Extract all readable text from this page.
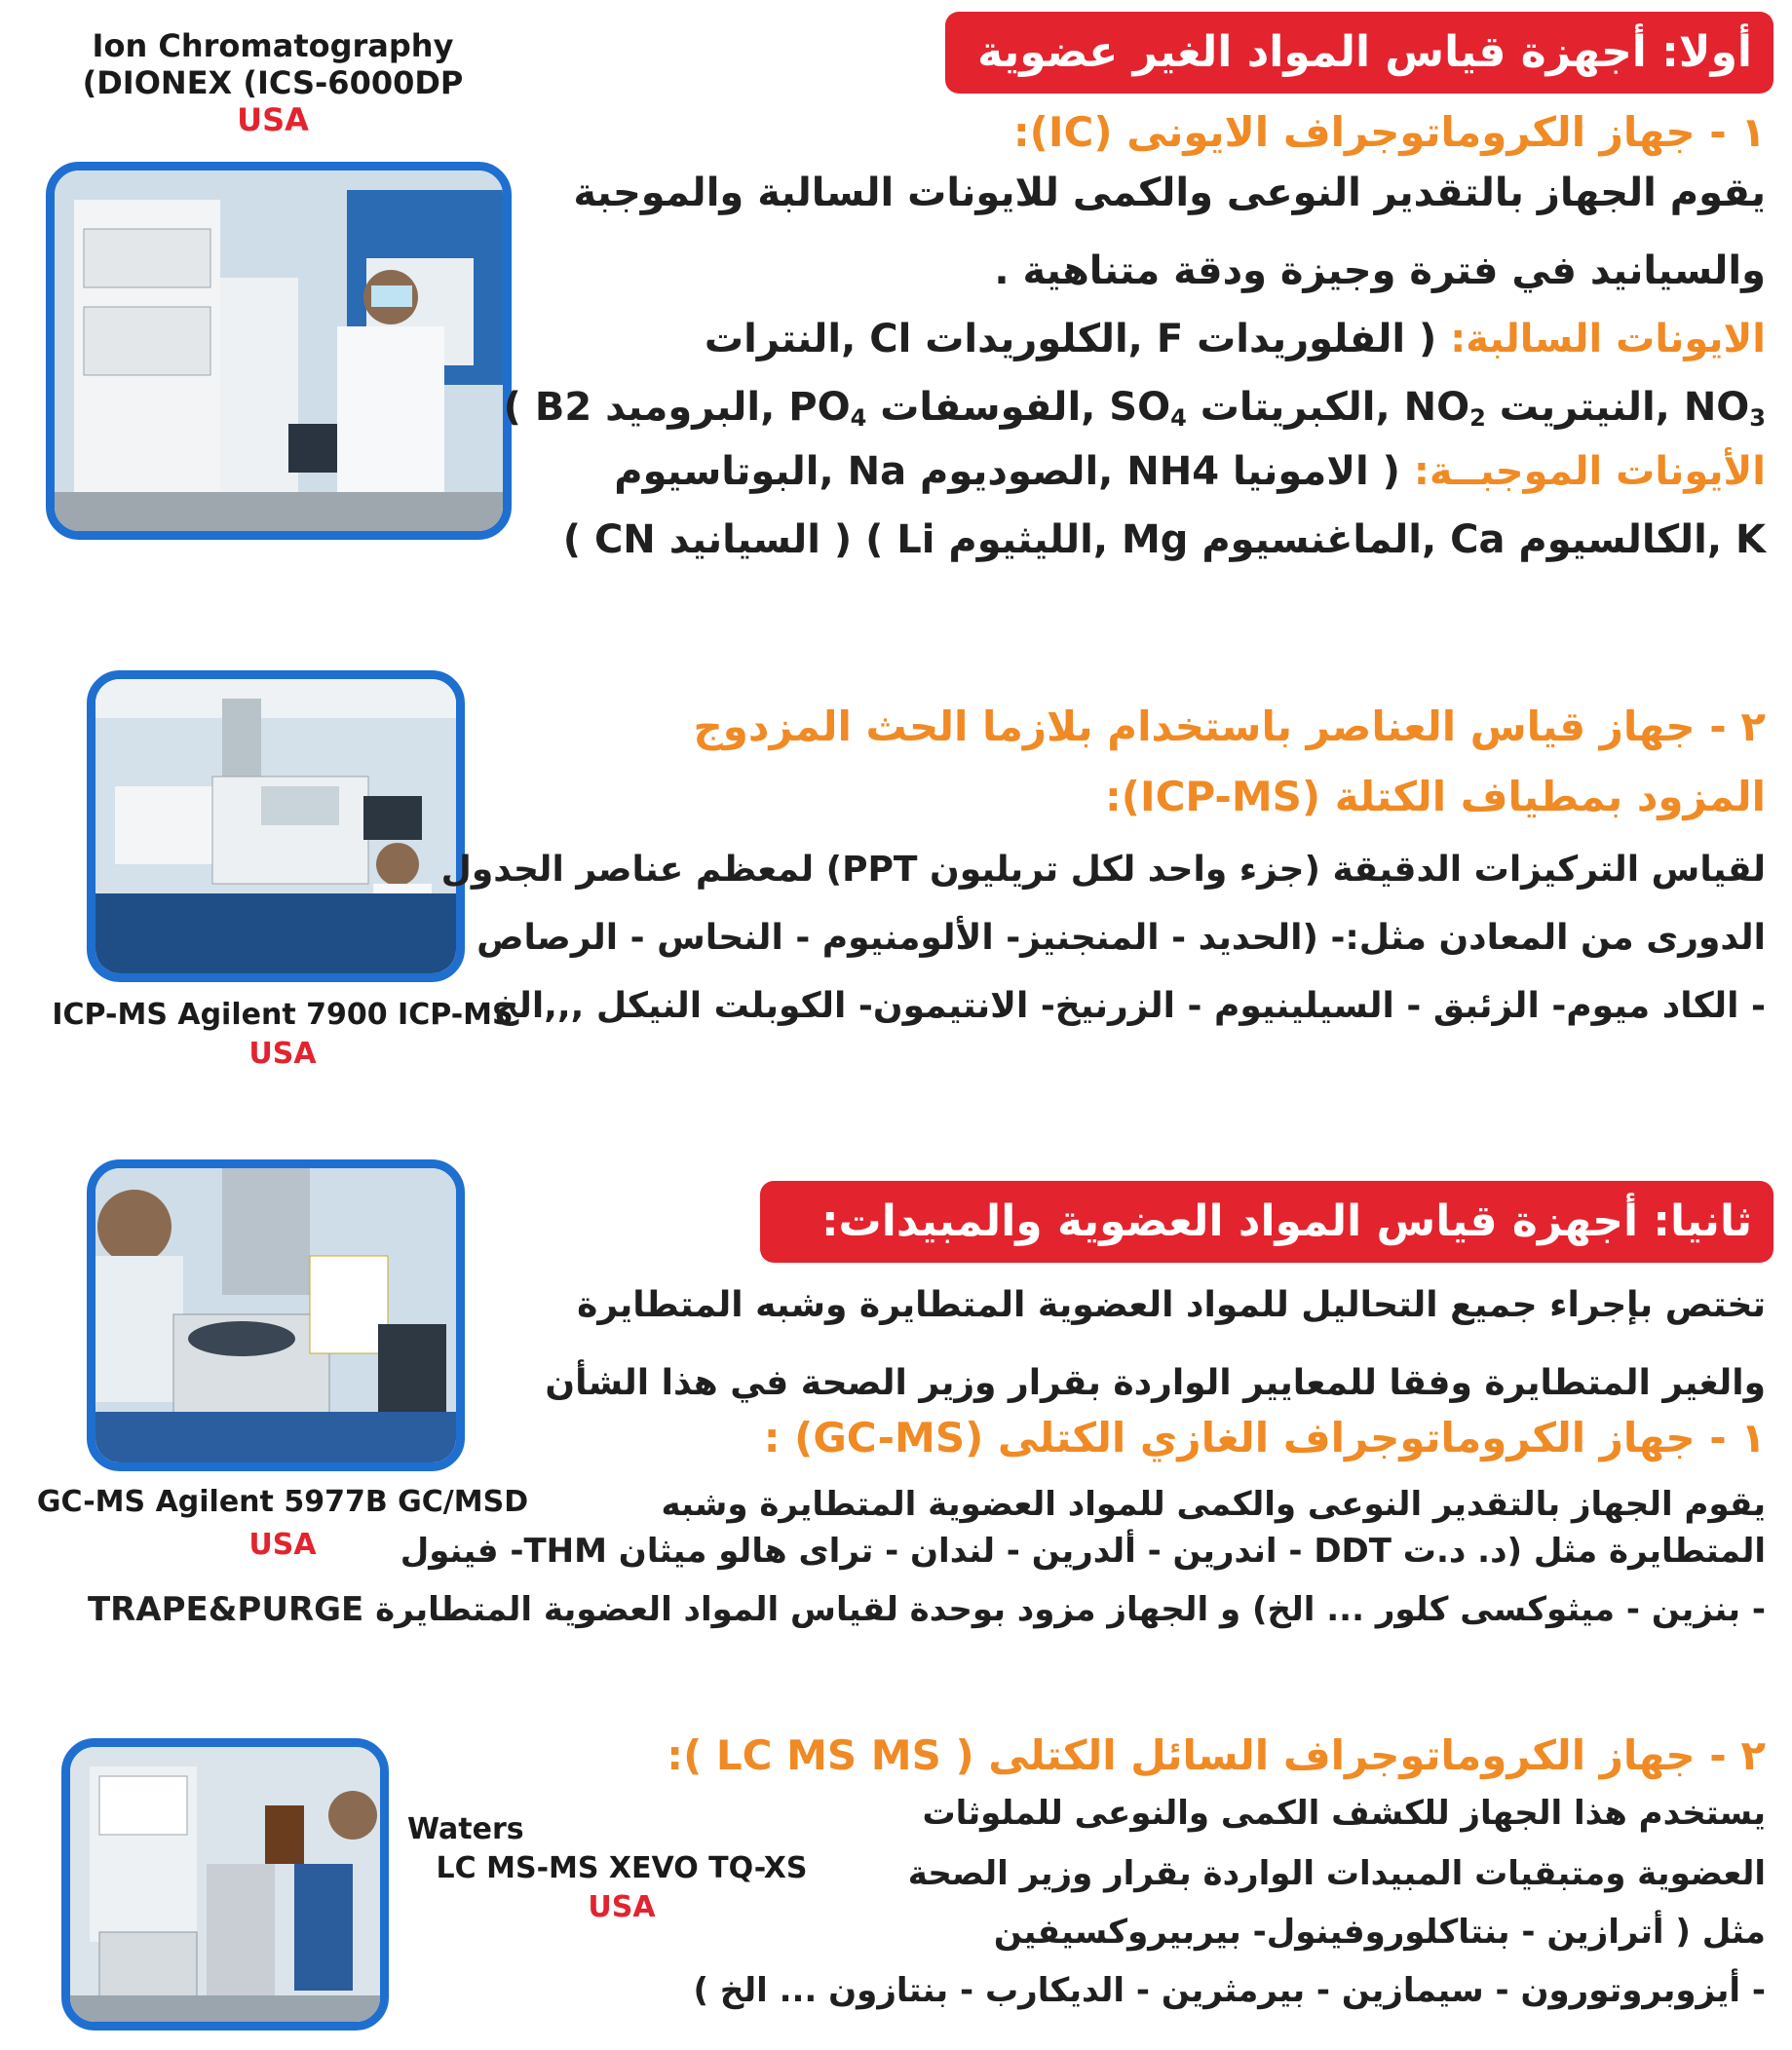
أولا: أجهزة قياس المواد الغير عضوية
Ion Chromatography
(DIONEX (ICS-6000DP
USA	١ - جهاز الكروماتوجراف الايونى (IC):
يقوم الجهاز بالتقدير النوعى والكمى للايونات السالبة والموجبة
والسيانيد في فترة وجيزة ودقة متناهية .
الايونات السالبة: ( الفلوريدات F ,الكلوريدات Cl ,النترات
$NO_3$ ,النيتريت $NO_2$ ,الكبريتات $SO_4$ ,الفوسفات $PO_4$ ,البروميد B2 )
الأيونات الموجبــة: ( الامونيا NH4 ,الصوديوم Na ,البوتاسيوم
K ,الكالسيوم Ca ,الماغنسيوم Mg ,الليثيوم Li ) ( السيانيد CN )
ICP-MS Agilent 7900 ICP-MS
USA
٢ - جهاز قياس العناصر باستخدام بلازما الحث المزدوج
المزود بمطياف الكتلة (ICP-MS):
لقياس التركيزات الدقيقة (جزء واحد لكل تريليون PPT) لمعظم عناصر الجدول
الدورى من المعادن مثل:- (الحديد - المنجنيز- الألومنيوم - النحاس - الرصاص
- الكاد ميوم- الزئبق - السيلينيوم - الزرنيخ- الانتيمون- الكوبلت النيكل ,,,الخ
ثانيا: أجهزة قياس المواد العضوية والمبيدات:
GC-MS Agilent 5977B GC/MSD
USA
تختص بإجراء جميع التحاليل للمواد العضوية المتطايرة وشبه المتطايرة
والغير المتطايرة وفقا للمعايير الواردة بقرار وزير الصحة في هذا الشأن
١ - جهاز الكروماتوجراف الغازي الكتلى (GC-MS) :
يقوم الجهاز بالتقدير النوعى والكمى للمواد العضوية المتطايرة وشبه
المتطايرة مثل (د. د.ت DDT - اندرين - ألدرين - لندان - تراى هالو ميثان THM- فينول
- بنزين - ميثوكسى كلور ... الخ) و الجهاز مزود بوحدة لقياس المواد العضوية المتطايرة TRAPE&PURGE
Waters
LC MS-MS XEVO TQ-XS
USA
٢ - جهاز الكروماتوجراف السائل الكتلى ( LC MS MS ):
يستخدم هذا الجهاز للكشف الكمى والنوعى للملوثات
العضوية ومتبقيات المبيدات الواردة بقرار وزير الصحة
مثل ( أترازين - بنتاكلوروفينول- بيربيروكسيفين
- أيزوبروتورون - سيمازين - بيرمثرين - الديكارب - بنتازون ... الخ )
